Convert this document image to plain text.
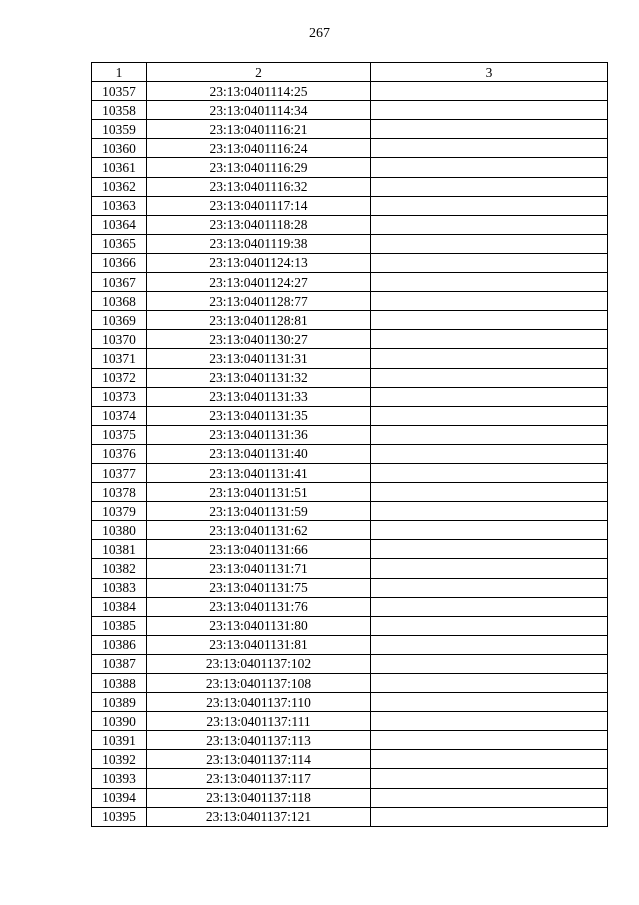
267
1	2	3
10357	23:13:0401114:25	
10358	23:13:0401114:34	
10359	23:13:0401116:21	
10360	23:13:0401116:24	
10361	23:13:0401116:29	
10362	23:13:0401116:32	
10363	23:13:0401117:14	
10364	23:13:0401118:28	
10365	23:13:0401119:38	
10366	23:13:0401124:13	
10367	23:13:0401124:27	
10368	23:13:0401128:77	
10369	23:13:0401128:81	
10370	23:13:0401130:27	
10371	23:13:0401131:31	
10372	23:13:0401131:32	
10373	23:13:0401131:33	
10374	23:13:0401131:35	
10375	23:13:0401131:36	
10376	23:13:0401131:40	
10377	23:13:0401131:41	
10378	23:13:0401131:51	
10379	23:13:0401131:59	
10380	23:13:0401131:62	
10381	23:13:0401131:66	
10382	23:13:0401131:71	
10383	23:13:0401131:75	
10384	23:13:0401131:76	
10385	23:13:0401131:80	
10386	23:13:0401131:81	
10387	23:13:0401137:102	
10388	23:13:0401137:108	
10389	23:13:0401137:110	
10390	23:13:0401137:111	
10391	23:13:0401137:113	
10392	23:13:0401137:114	
10393	23:13:0401137:117	
10394	23:13:0401137:118	
10395	23:13:0401137:121	
